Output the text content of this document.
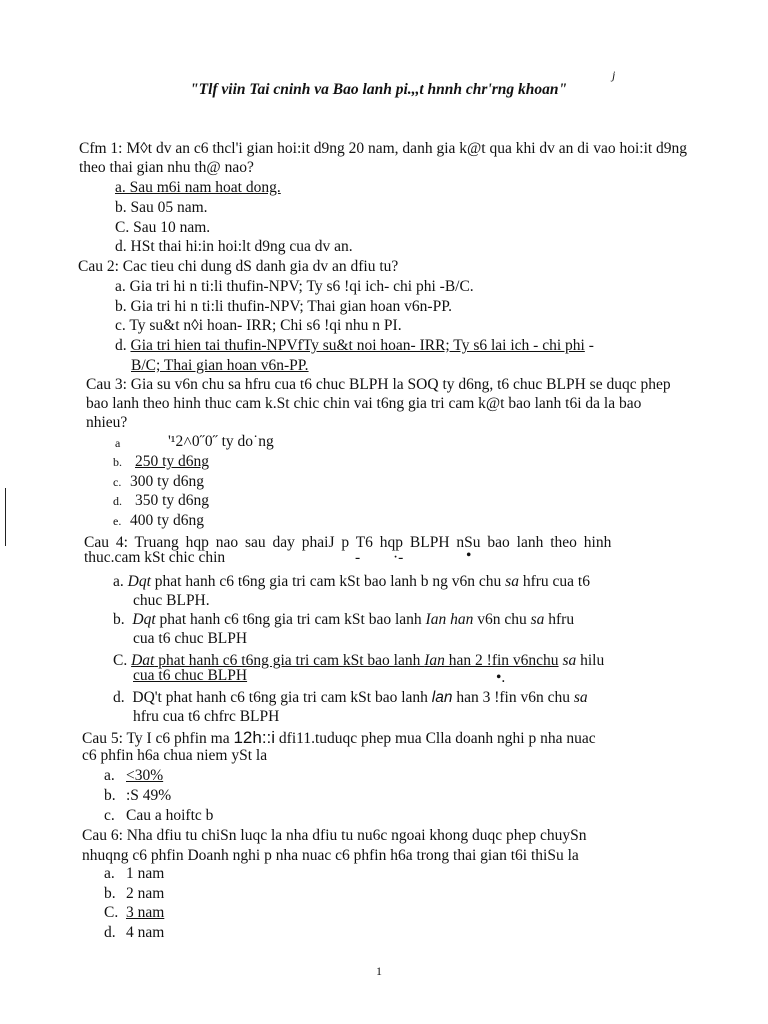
j
"Tlf viin Tai cninh va Bao lanh pi.,,t hnnh chr'rng khoan"
Cfm 1: M◊t dv an c6 thcl'i gian hoi:it d9ng 20 nam, danh gia k@t qua khi dv an di vao hoi:it d9ng theo thai gian nhu th@ nao?
a. Sau m6i nam hoat dong.
b. Sau 05 nam.
C. Sau 10 nam.
d. HSt thai hi:in hoi:lt d9ng cua dv an.
Cau 2: Cac tieu chi dung dS danh gia dv an dfiu tu?
a. Gia tri hi n ti:li thufin-NPV; Ty s6 !qi ich- chi phi -B/C.
b. Gia tri hi n ti:li thufin-NPV; Thai gian hoan v6n-PP.
c. Ty su&t n◊i hoan- IRR; Chi s6 !qi nhu n PI.
d. Gia tri hien tai thufin-NPVfTy su&t noi hoan- IRR; Ty s6 lai ich - chi phi -
B/C; Thai gian hoan v6n-PP.
Cau 3: Gia su v6n chu sa hfru cua t6 chuc BLPH la SOQ ty d6ng, t6 chuc BLPH se duqc phep bao lanh theo hinh thuc cam k.St chic chin vai t6ng gia tri cam k@t bao lanh t6i da la bao nhieu?
a	'¹2˄0˝0˝ ty do˙ng
b. 250 ty d6ng
c. 300 ty d6ng
d. 350 ty d6ng
e. 400 ty d6ng
Cau 4: Truang hqp nao sau day phaiJ p T6 hqp BLPH nSu bao lanh theo hinh
thuc.cam kSt chic chin	- ·-	•
a. Dqt phat hanh c6 t6ng gia tri cam kSt bao lanh b ng v6n chu sa hfru cua t6
chuc BLPH.
b. Dqt phat hanh c6 t6ng gia tri cam kSt bao lanh Ian han v6n chu sa hfru
cua t6 chuc BLPH
C. Dat phat hanh c6 t6ng gia tri cam kSt bao lanh Ian han 2 !fin v6nchu sa hilu
cua t6 chuc BLPH	•.
d. DQ't phat hanh c6 t6ng gia tri cam kSt bao lanh lan han 3 !fin v6n chu sa
hfru cua t6 chfrc BLPH
Cau 5: Ty I c6 phfin ma 12h::i dfi11.tuduqc phep mua Clla doanh nghi p nha nuac
c6 phfin h6a chua niem ySt la
a. <30%
b. :S 49%
c. Cau a hoiftc b
Cau 6: Nha dfiu tu chiSn luqc la nha dfiu tu nu6c ngoai khong duqc phep chuySn
nhuqng c6 phfin Doanh nghi p nha nuac c6 phfin h6a trong thai gian t6i thiSu la
a. 1 nam
b. 2 nam
C. 3 nam
d. 4 nam
1
